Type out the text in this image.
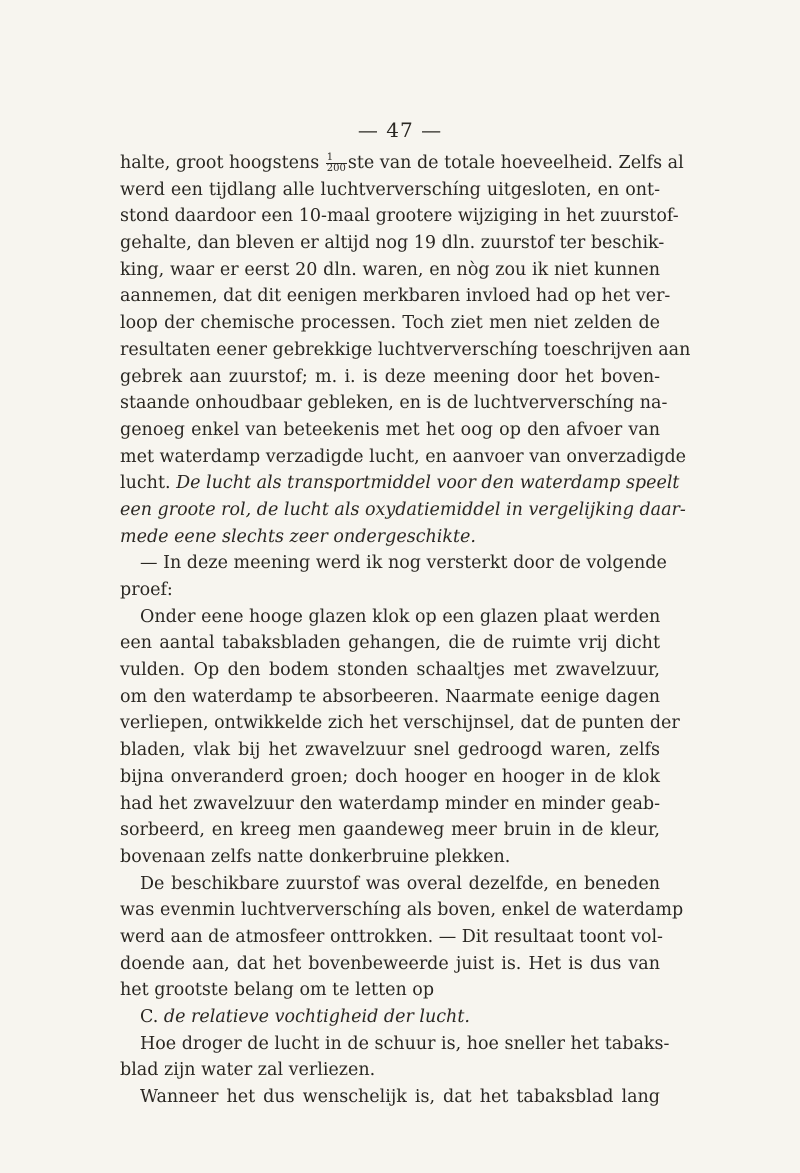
— 47 —
halte, groot hoogstens $\frac{1}{200}$ ste van de totale hoeveelheid. Zelfs al
werd een tijdlang alle luchtververschíng uitgesloten, en ont-
stond daardoor een 10-maal grootere wijziging in het zuurstof-
gehalte, dan bleven er altijd nog 19 dln. zuurstof ter beschik-
king, waar er eerst 20 dln. waren, en nòg zou ik niet kunnen
aannemen, dat dit eenigen merkbaren invloed had op het ver-
loop der chemische processen. Toch ziet men niet zelden de
resultaten eener gebrekkige luchtververschíng toeschrijven aan
gebrek aan zuurstof; m. i. is deze meening door het boven-
staande onhoudbaar gebleken, en is de luchtververschíng na-
genoeg enkel van beteekenis met het oog op den afvoer van
met waterdamp verzadigde lucht, en aanvoer van onverzadigde
lucht. De lucht als transportmiddel voor den waterdamp speelt
een groote rol, de lucht als oxydatiemiddel in vergelijking daar-
mede eene slechts zeer ondergeschikte.
— In deze meening werd ik nog versterkt door de volgende
proef:
Onder eene hooge glazen klok op een glazen plaat werden
een aantal tabaksbladen gehangen, die de ruimte vrij dicht
vulden. Op den bodem stonden schaaltjes met zwavelzuur,
om den waterdamp te absorbeeren. Naarmate eenige dagen
verliepen, ontwikkelde zich het verschijnsel, dat de punten der
bladen, vlak bij het zwavelzuur snel gedroogd waren, zelfs
bijna onveranderd groen; doch hooger en hooger in de klok
had het zwavelzuur den waterdamp minder en minder geab-
sorbeerd, en kreeg men gaandeweg meer bruin in de kleur,
bovenaan zelfs natte donkerbruine plekken.
De beschikbare zuurstof was overal dezelfde, en beneden
was evenmin luchtververschíng als boven, enkel de waterdamp
werd aan de atmosfeer onttrokken. — Dit resultaat toont vol-
doende aan, dat het bovenbeweerde juist is. Het is dus van
het grootste belang om te letten op
C. de relatieve vochtigheid der lucht.
Hoe droger de lucht in de schuur is, hoe sneller het tabaks-
blad zijn water zal verliezen.
Wanneer het dus wenschelijk is, dat het tabaksblad lang
